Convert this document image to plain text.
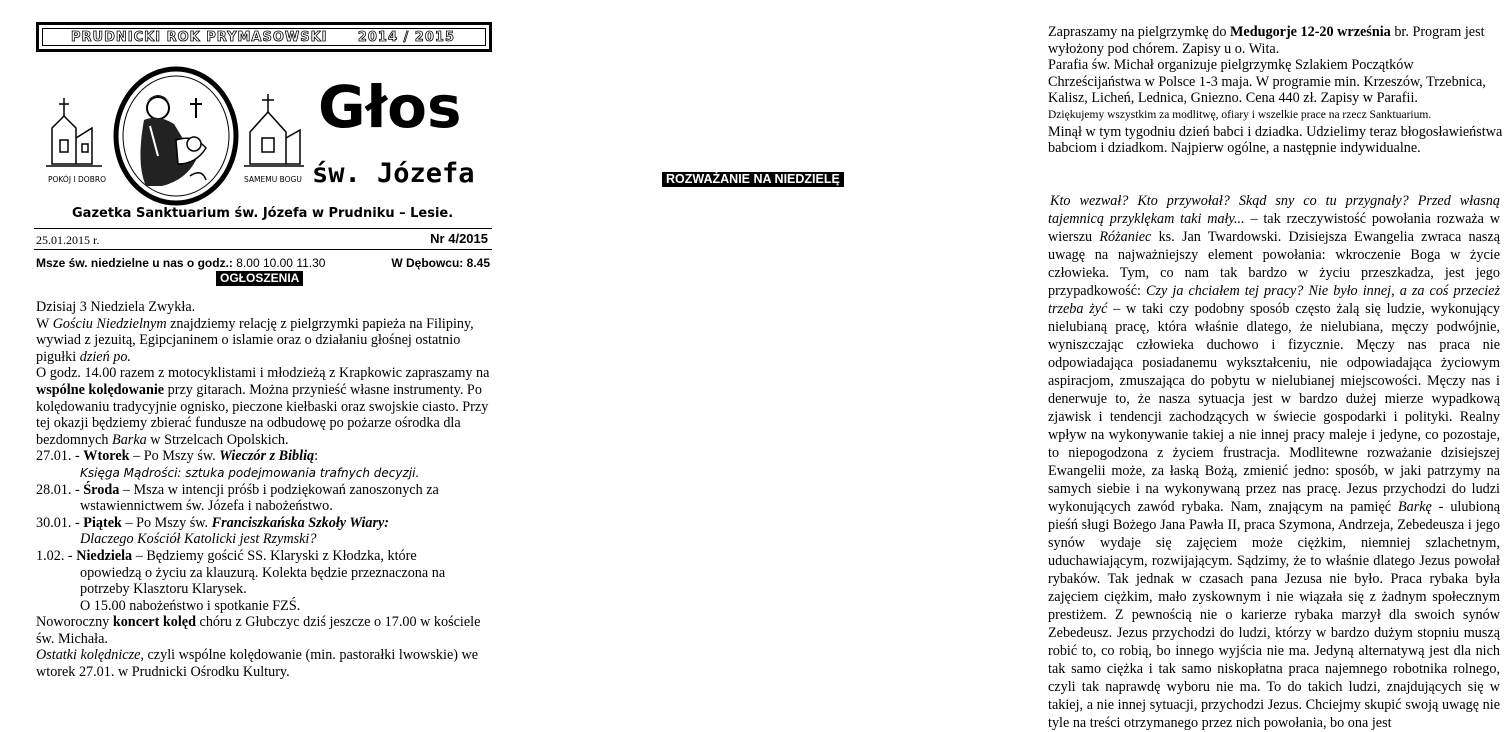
PRUDNICKI ROK PRYMASOWSKI 2014 / 2015
POKÓJ I DOBRO	SAMEMU BOGU
Głos
św. Józefa
Gazetka Sanktuarium św. Józefa w Prudniku – Lesie.
25.01.2015 r.	Nr 4/2015
Msze św. niedzielne u nas o godz.: 8.00 10.00 11.30	W Dębowcu: 8.45
OGŁOSZENIA

Dzisiaj 3 Niedziela Zwykła.

W Gościu Niedzielnym znajdziemy relację z pielgrzymki papieża na Filipiny, wywiad z jezuitą, Egipcjaninem o islamie oraz o działaniu głośnej ostatnio pigułki dzień po.

O godz. 14.00 razem z motocyklistami i młodzieżą z Krapkowic zapraszamy na wspólne kolędowanie przy gitarach. Można przynieść własne instrumenty. Po kolędowaniu tradycyjnie ognisko, pieczone kiełbaski oraz swojskie ciasto. Przy tej okazji będziemy zbierać fundusze na odbudowę po pożarze ośrodka dla bezdomnych Barka w Strzelcach Opolskich.

27.01. - Wtorek – Po Mszy św. Wieczór z Biblią:

Księga Mądrości: sztuka podejmowania trafnych decyzji.

28.01. - Środa – Msza w intencji próśb i podziękowań zanoszonych za

wstawiennictwem św. Józefa i nabożeństwo.

30.01. - Piątek – Po Mszy św. Franciszkańska Szkoły Wiary:

Dlaczego Kościół Katolicki jest Rzymski?

1.02. - Niedziela – Będziemy gościć SS. Klaryski z Kłodzka, które

opowiedzą o życiu za klauzurą. Kolekta będzie przeznaczona na

potrzeby Klasztoru Klarysek.

O 15.00 nabożeństwo i spotkanie FZŚ.

Noworoczny koncert kolęd chóru z Głubczyc dziś jeszcze o 17.00 w kościele św. Michała.

Ostatki kolędnicze, czyli wspólne kolędowanie (min. pastorałki lwowskie) we wtorek 27.01. w Prudnicki Ośrodku Kultury.

Zapraszamy na pielgrzymkę do Medugorje 12-20 września br. Program jest wyłożony pod chórem. Zapisy u o. Wita.

Parafia św. Michał organizuje pielgrzymkę Szlakiem Początków Chrześcijaństwa w Polsce 1-3 maja. W programie min. Krzeszów, Trzebnica, Kalisz, Licheń, Lednica, Gniezno. Cena 440 zł. Zapisy w Parafii.

Dziękujemy wszystkim za modlitwę, ofiary i wszelkie prace na rzecz Sanktuarium.

Minął w tym tygodniu dzień babci i dziadka. Udzielimy teraz błogosławieństwa babciom i dziadkom. Najpierw ogólne, a następnie indywidualne.

ROZWAŻANIE NA NIEDZIELĘ
Kto wezwał? Kto przywołał? Skąd sny co tu przygnały? Przed własną tajemnicą przyklękam taki mały... – tak rzeczywistość powołania rozważa w wierszu Różaniec ks. Jan Twardowski. Dzisiejsza Ewangelia zwraca naszą uwagę na najważniejszy element powołania: wkroczenie Boga w życie człowieka. Tym, co nam tak bardzo w życiu przeszkadza, jest jego przypadkowość: Czy ja chciałem tej pracy? Nie było innej, a za coś przecież trzeba żyć – w taki czy podobny sposób często żalą się ludzie, wykonujący nielubianą pracę, która właśnie dlatego, że nielubiana, męczy podwójnie, wyniszczając człowieka duchowo i fizycznie. Męczy nas praca nie odpowiadająca posiadanemu wykształceniu, nie odpowiadająca życiowym aspiracjom, zmuszająca do pobytu w nielubianej miejscowości. Męczy nas i denerwuje to, że nasza sytuacja jest w bardzo dużej mierze wypadkową zjawisk i tendencji zachodzących w świecie gospodarki i polityki. Realny wpływ na wykonywanie takiej a nie innej pracy maleje i jedyne, co pozostaje, to niepogodzona z życiem frustracja. Modlitewne rozważanie dzisiejszej Ewangelii może, za łaską Bożą, zmienić jedno: sposób, w jaki patrzymy na samych siebie i na wykonywaną przez nas pracę. Jezus przychodzi do ludzi wykonujących zawód rybaka. Nam, znającym na pamięć Barkę - ulubioną pieśń sługi Bożego Jana Pawła II, praca Szymona, Andrzeja, Zebedeusza i jego synów wydaje się zajęciem może ciężkim, niemniej szlachetnym, uduchawiającym, rozwijającym. Sądzimy, że to właśnie dlatego Jezus powołał rybaków. Tak jednak w czasach pana Jezusa nie było. Praca rybaka była zajęciem ciężkim, mało zyskownym i nie wiązała się z żadnym społecznym prestiżem. Z pewnością nie o karierze rybaka marzył dla swoich synów Zebedeusz. Jezus przychodzi do ludzi, którzy w bardzo dużym stopniu muszą robić to, co robią, bo innego wyjścia nie ma. Jedyną alternatywą jest dla nich tak samo ciężka i tak samo niskopłatna praca najemnego robotnika rolnego, czyli tak naprawdę wyboru nie ma. To do takich ludzi, znajdujących się w takiej, a nie innej sytuacji, przychodzi Jezus. Chciejmy skupić swoją uwagę nie tyle na treści otrzymanego przez nich powołania, bo ona jest
